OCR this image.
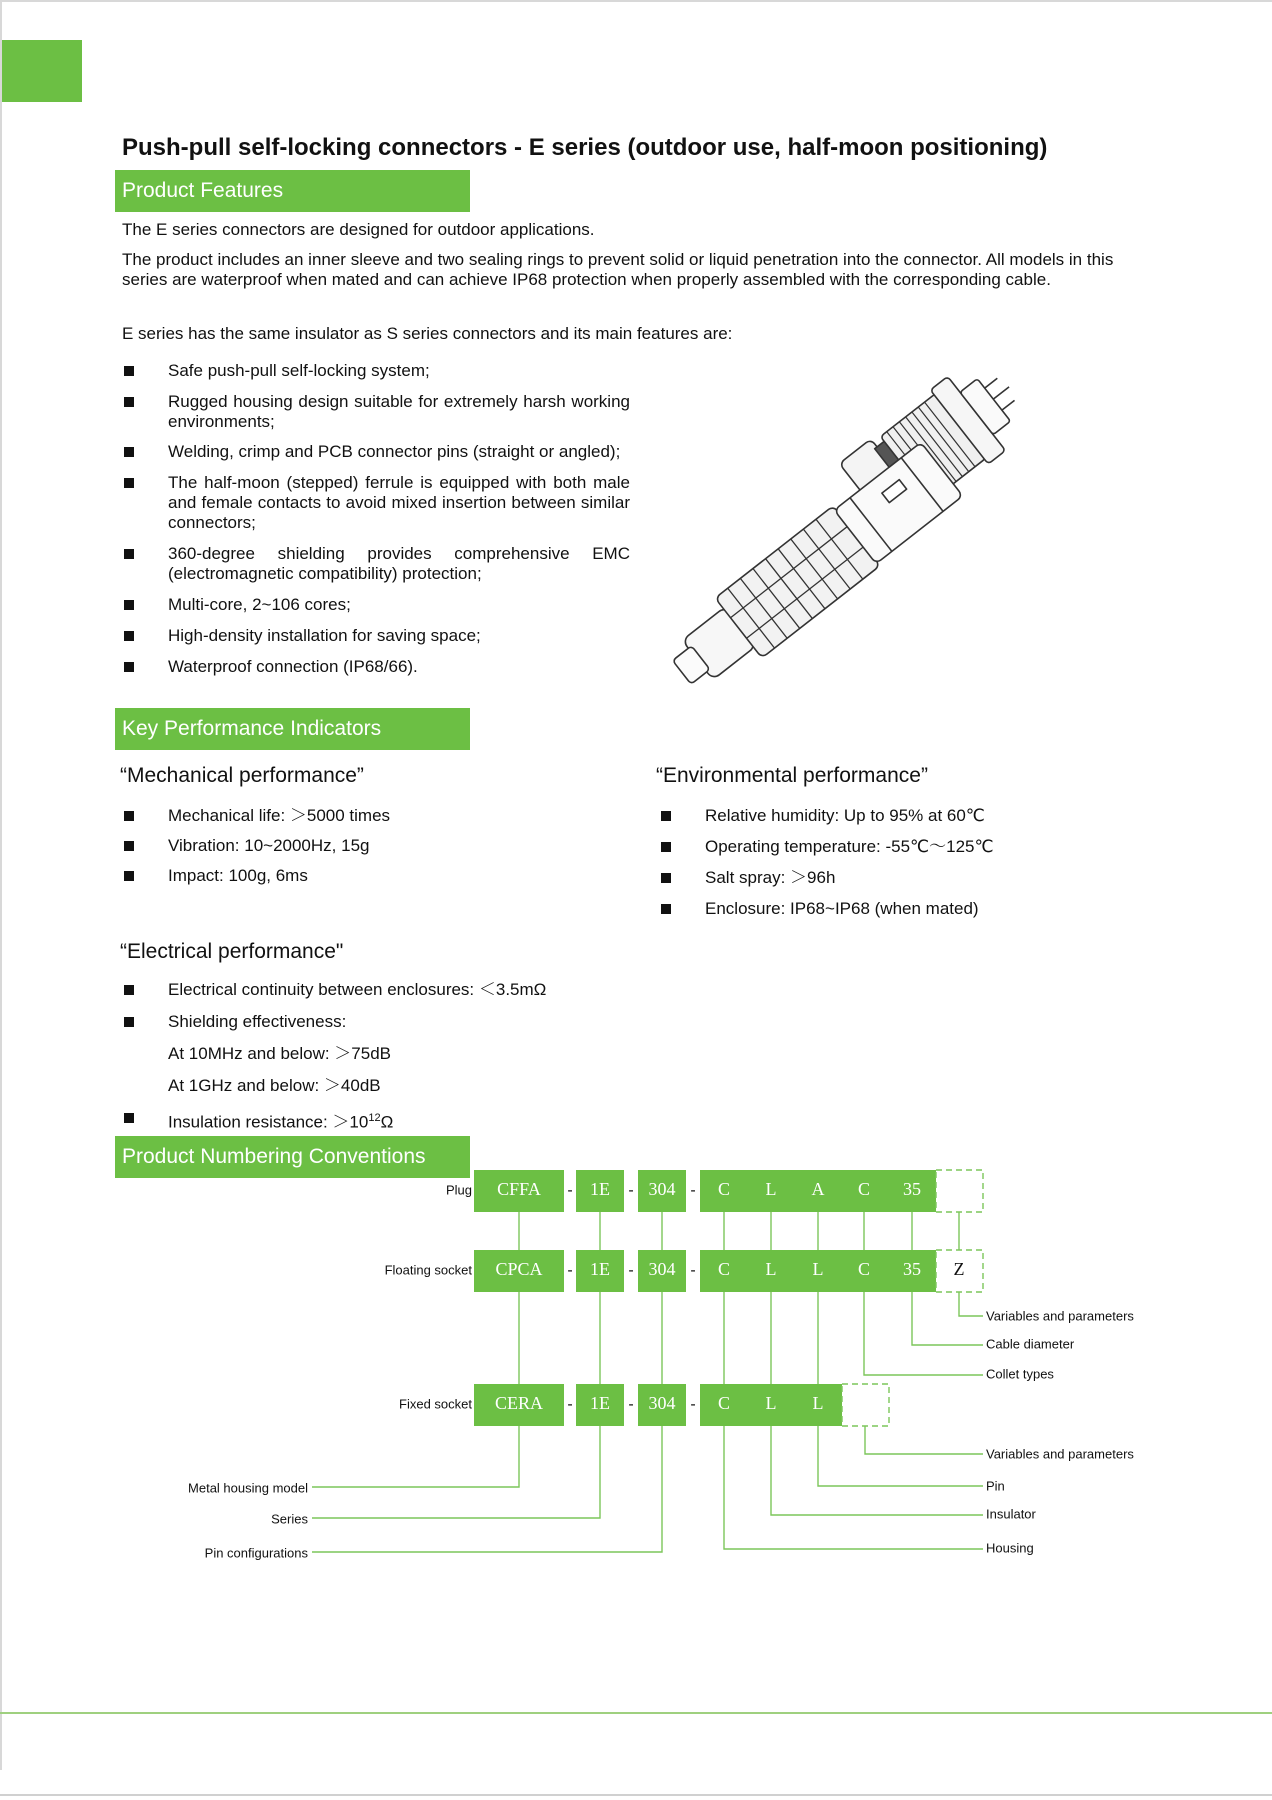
Push-pull self-locking connectors - E series (outdoor use, half-moon positioning)
Product Features

The E series connectors are designed for outdoor applications.

The product includes an inner sleeve and two sealing rings to prevent solid or liquid penetration into the connector. All models in this series are waterproof when mated and can achieve IP68 protection when properly assembled with the corresponding cable.

E series has the same insulator as S series connectors and its main features are:

Safe push-pull self-locking system;
Rugged housing design suitable for extremely harsh working environments;
Welding, crimp and PCB connector pins (straight or angled);
The half-moon (stepped) ferrule is equipped with both male and female contacts to avoid mixed insertion between similar connectors;
360-degree shielding provides comprehensive EMC (electromagnetic compatibility) protection;
Multi-core, 2~106 cores;
High-density installation for saving space;
Waterproof connection (IP68/66).
Key Performance Indicators
“Mechanical performance”
Mechanical life: ＞5000 times
Vibration: 10~2000Hz, 15g
Impact: 100g, 6ms
“Environmental performance”
Relative humidity: Up to 95% at 60℃
Operating temperature: -55℃～125℃
Salt spray: ＞96h
Enclosure: IP68~IP68 (when mated)
“Electrical performance"
Electrical continuity between enclosures: ＜3.5mΩ
Shielding effectiveness:
At 10MHz and below: ＞75dB
At 1GHz and below: ＞40dB
Insulation resistance: $>10^{12}\Omega$
Product Numbering Conventions
Plug CFFA - 1E - 304 - C L A C 35
Floating socket CPCA - 1E - 304 - C L L C 35 Z
Fixed socket CERA - 1E - 304 - C L L
Variables and parameters
Cable diameter
Collet types
Variables and parameters
Pin
Insulator
Housing
Metal housing model
Series
Pin configurations
